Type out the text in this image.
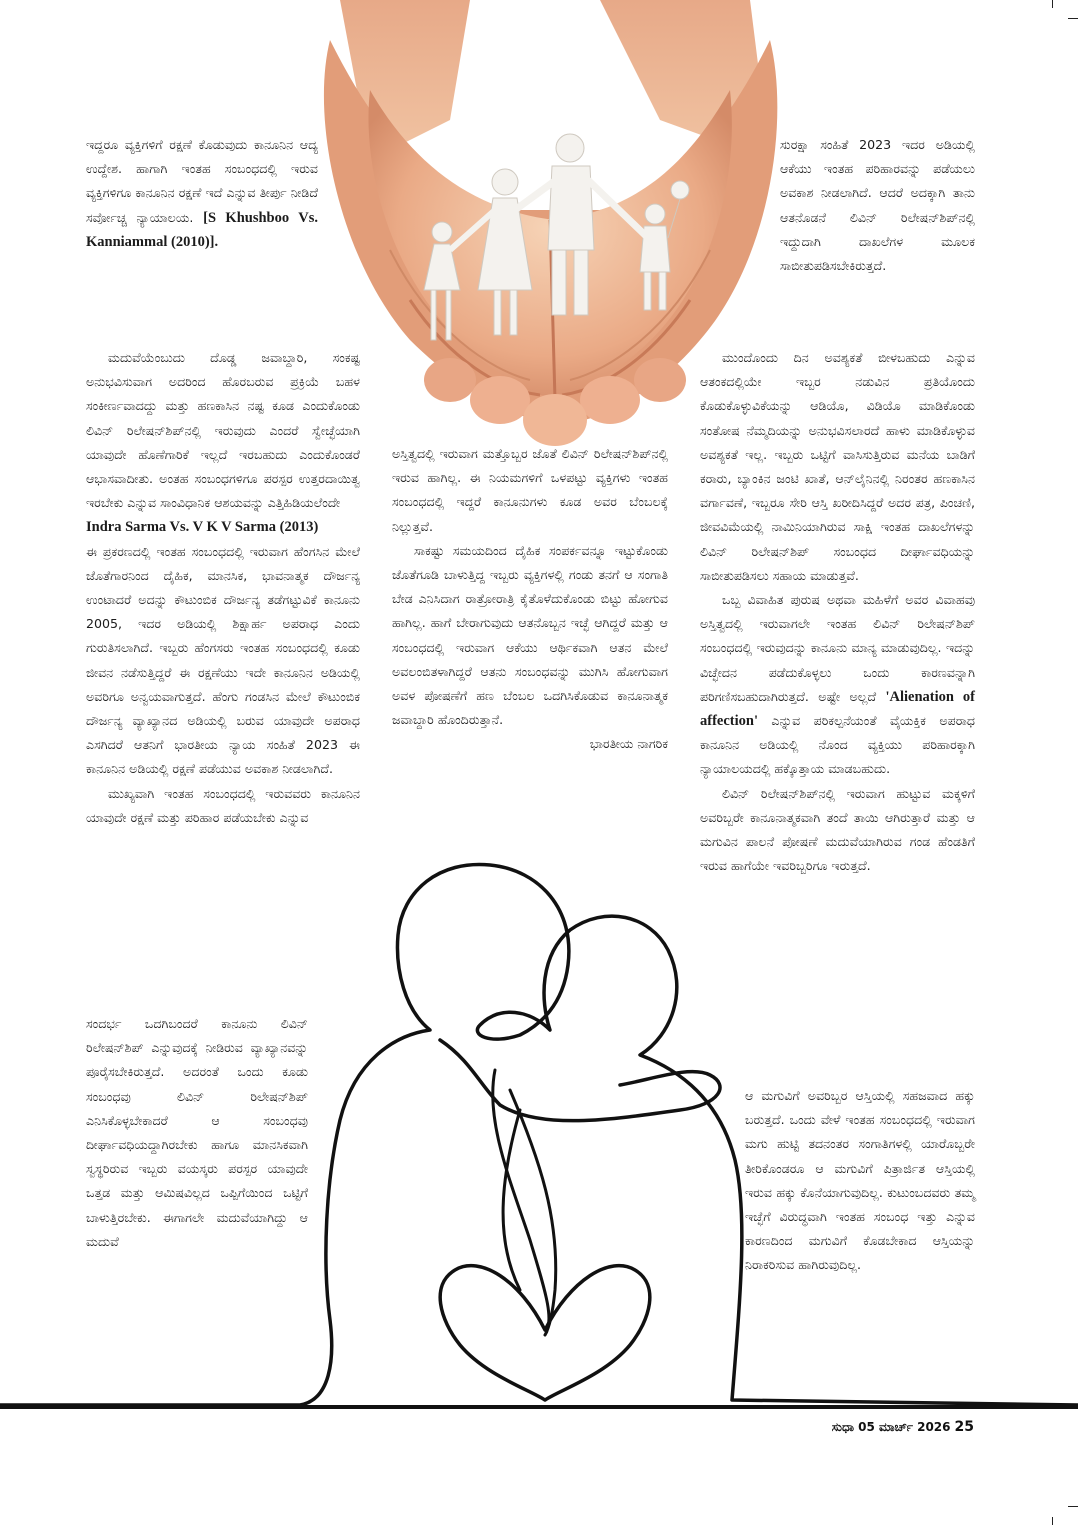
ಇದ್ದರೂ ವ್ಯಕ್ತಿಗಳಿಗೆ ರಕ್ಷಣೆ ಕೊಡುವುದು ಕಾನೂನಿನ ಆದ್ಯ ಉದ್ದೇಶ. ಹಾಗಾಗಿ ಇಂತಹ ಸಂಬಂಧದಲ್ಲಿ ಇರುವ ವ್ಯಕ್ತಿಗಳಿಗೂ ಕಾನೂನಿನ ರಕ್ಷಣೆ ಇದೆ ಎನ್ನುವ ತೀರ್ಪು ನೀಡಿದೆ ಸರ್ವೋಚ್ಚ ನ್ಯಾಯಾಲಯ. [S Khushboo Vs. Kanniammal (2010)].

ಮದುವೆಯೆಂಬುದು ದೊಡ್ಡ ಜವಾಬ್ದಾರಿ, ಸಂಕಷ್ಟ ಅನುಭವಿಸುವಾಗ ಅದರಿಂದ ಹೊರಬರುವ ಪ್ರಕ್ರಿಯೆ ಬಹಳ ಸಂಕೀರ್ಣವಾದದ್ದು ಮತ್ತು ಹಣಕಾಸಿನ ನಷ್ಟ ಕೂಡ ಎಂದುಕೊಂಡು ಲಿವಿನ್ ರಿಲೇಷನ್‌ಶಿಪ್‌ನಲ್ಲಿ ಇರುವುದು ಎಂದರೆ ಸ್ವೇಚ್ಛೆಯಾಗಿ ಯಾವುದೇ ಹೊಣೆಗಾರಿಕೆ ಇಲ್ಲದೆ ಇರಬಹುದು ಎಂದುಕೊಂಡರೆ ಆಭಾಸವಾದೀತು. ಅಂತಹ ಸಂಬಂಧಗಳಿಗೂ ಪರಸ್ಪರ ಉತ್ತರದಾಯಿತ್ವ ಇರಬೇಕು ಎನ್ನುವ ಸಾಂವಿಧಾನಿಕ ಆಶಯವನ್ನು ಎತ್ತಿಹಿಡಿಯಲೆಂದೇ

Indra Sarma Vs. V K V Sarma (2013)

ಈ ಪ್ರಕರಣದಲ್ಲಿ ಇಂತಹ ಸಂಬಂಧದಲ್ಲಿ ಇರುವಾಗ ಹೆಂಗಸಿನ ಮೇಲೆ ಜೊತೆಗಾರನಿಂದ ದೈಹಿಕ, ಮಾನಸಿಕ, ಭಾವನಾತ್ಮಕ ದೌರ್ಜನ್ಯ ಉಂಟಾದರೆ ಅದನ್ನು ಕೌಟುಂಬಿಕ ದೌರ್ಜನ್ಯ ತಡೆಗಟ್ಟುವಿಕೆ ಕಾನೂನು 2005, ಇದರ ಅಡಿಯಲ್ಲಿ ಶಿಕ್ಷಾರ್ಹ ಅಪರಾಧ ಎಂದು ಗುರುತಿಸಲಾಗಿದೆ. ಇಬ್ಬರು ಹೆಂಗಸರು ಇಂತಹ ಸಂಬಂಧದಲ್ಲಿ ಕೂಡು ಜೀವನ ನಡೆಸುತ್ತಿದ್ದರೆ ಈ ರಕ್ಷಣೆಯು ಇದೇ ಕಾನೂನಿನ ಅಡಿಯಲ್ಲಿ ಅವರಿಗೂ ಅನ್ವಯವಾಗುತ್ತದೆ. ಹೆಂಗು ಗಂಡಸಿನ ಮೇಲೆ ಕೌಟುಂಬಿಕ ದೌರ್ಜನ್ಯ ವ್ಯಾಖ್ಯಾನದ ಅಡಿಯಲ್ಲಿ ಬರುವ ಯಾವುದೇ ಅಪರಾಧ ಎಸಗಿದರೆ ಆತನಿಗೆ ಭಾರತೀಯ ನ್ಯಾಯ ಸಂಹಿತೆ 2023 ಈ ಕಾನೂನಿನ ಅಡಿಯಲ್ಲಿ ರಕ್ಷಣೆ ಪಡೆಯುವ ಅವಕಾಶ ನೀಡಲಾಗಿದೆ.

ಮುಖ್ಯವಾಗಿ ಇಂತಹ ಸಂಬಂಧದಲ್ಲಿ ಇರುವವರು ಕಾನೂನಿನ ಯಾವುದೇ ರಕ್ಷಣೆ ಮತ್ತು ಪರಿಹಾರ ಪಡೆಯಬೇಕು ಎನ್ನುವ

ಸಂದರ್ಭ ಒದಗಿಬಂದರೆ ಕಾನೂನು ಲಿವಿನ್ ರಿಲೇಷನ್‌ಶಿಪ್ ಎನ್ನುವುದಕ್ಕೆ ನೀಡಿರುವ ವ್ಯಾಖ್ಯಾನವನ್ನು ಪೂರೈಸಬೇಕಿರುತ್ತದೆ. ಅದರಂತೆ ಒಂದು ಕೂಡು ಸಂಬಂಧವು ಲಿವಿನ್ ರಿಲೇಷನ್‌ಶಿಪ್ ಎನಿಸಿಕೊಳ್ಳಬೇಕಾದರೆ ಆ ಸಂಬಂಧವು ದೀರ್ಘಾವಧಿಯದ್ದಾಗಿರಬೇಕು ಹಾಗೂ ಮಾನಸಿಕವಾಗಿ ಸ್ವಸ್ಥರಿರುವ ಇಬ್ಬರು ವಯಸ್ಕರು ಪರಸ್ಪರ ಯಾವುದೇ ಒತ್ತಡ ಮತ್ತು ಆಮಿಷವಿಲ್ಲದ ಒಪ್ಪಿಗೆಯಿಂದ ಒಟ್ಟಿಗೆ ಬಾಳುತ್ತಿರಬೇಕು. ಈಗಾಗಲೇ ಮದುವೆಯಾಗಿದ್ದು ಆ ಮದುವೆ

ಅಸ್ತಿತ್ವದಲ್ಲಿ ಇರುವಾಗ ಮತ್ತೊಬ್ಬರ ಜೊತೆ ಲಿವಿನ್ ರಿಲೇಷನ್‌ಶಿಪ್‌ನಲ್ಲಿ ಇರುವ ಹಾಗಿಲ್ಲ. ಈ ನಿಯಮಗಳಿಗೆ ಒಳಪಟ್ಟು ವ್ಯಕ್ತಿಗಳು ಇಂತಹ ಸಂಬಂಧದಲ್ಲಿ ಇದ್ದರೆ ಕಾನೂನುಗಳು ಕೂಡ ಅವರ ಬೆಂಬಲಕ್ಕೆ ನಿಲ್ಲುತ್ತವೆ.

ಸಾಕಷ್ಟು ಸಮಯದಿಂದ ದೈಹಿಕ ಸಂಪರ್ಕವನ್ನೂ ಇಟ್ಟುಕೊಂಡು ಜೊತೆಗೂಡಿ ಬಾಳುತ್ತಿದ್ದ ಇಬ್ಬರು ವ್ಯಕ್ತಿಗಳಲ್ಲಿ ಗಂಡು ತನಗೆ ಆ ಸಂಗಾತಿ ಬೇಡ ಎನಿಸಿದಾಗ ರಾತ್ರೋರಾತ್ರಿ ಕೈತೊಳೆದುಕೊಂಡು ಬಿಟ್ಟು ಹೋಗುವ ಹಾಗಿಲ್ಲ. ಹಾಗೆ ಬೇರಾಗುವುದು ಆತನೊಬ್ಬನ ಇಚ್ಛೆ ಆಗಿದ್ದರೆ ಮತ್ತು ಆ ಸಂಬಂಧದಲ್ಲಿ ಇರುವಾಗ ಆಕೆಯು ಆರ್ಥಿಕವಾಗಿ ಆತನ ಮೇಲೆ ಅವಲಂಬಿತಳಾಗಿದ್ದರೆ ಆತನು ಸಂಬಂಧವನ್ನು ಮುಗಿಸಿ ಹೋಗುವಾಗ ಅವಳ ಪೋಷಣೆಗೆ ಹಣ ಬೆಂಬಲ ಒದಗಿಸಿಕೊಡುವ ಕಾನೂನಾತ್ಮಕ ಜವಾಬ್ದಾರಿ ಹೊಂದಿರುತ್ತಾನೆ.

ಭಾರತೀಯ ನಾಗರಿಕ

ಸುರಕ್ಷಾ ಸಂಹಿತೆ 2023 ಇದರ ಅಡಿಯಲ್ಲಿ ಆಕೆಯು ಇಂತಹ ಪರಿಹಾರವನ್ನು ಪಡೆಯಲು ಅವಕಾಶ ನೀಡಲಾಗಿದೆ. ಆದರೆ ಅದಕ್ಕಾಗಿ ತಾನು ಆತನೊಡನೆ ಲಿವಿನ್ ರಿಲೇಷನ್‌ಶಿಪ್‌ನಲ್ಲಿ ಇದ್ದುದಾಗಿ ದಾಖಲೆಗಳ ಮೂಲಕ ಸಾಬೀತುಪಡಿಸಬೇಕಿರುತ್ತದೆ.

ಮುಂದೊಂದು ದಿನ ಅವಶ್ಯಕತೆ ಬೀಳಬಹುದು ಎನ್ನುವ ಆತಂಕದಲ್ಲಿಯೇ ಇಬ್ಬರ ನಡುವಿನ ಪ್ರತಿಯೊಂದು ಕೊಡುಕೊಳ್ಳುವಿಕೆಯನ್ನು ಆಡಿಯೊ, ವಿಡಿಯೊ ಮಾಡಿಕೊಂಡು ಸಂತೋಷ ನೆಮ್ಮದಿಯನ್ನು ಅನುಭವಿಸಲಾರದೆ ಹಾಳು ಮಾಡಿಕೊಳ್ಳುವ ಅವಶ್ಯಕತೆ ಇಲ್ಲ. ಇಬ್ಬರು ಒಟ್ಟಿಗೆ ವಾಸಿಸುತ್ತಿರುವ ಮನೆಯ ಬಾಡಿಗೆ ಕರಾರು, ಬ್ಯಾಂಕಿನ ಜಂಟಿ ಖಾತೆ, ಆನ್‌ಲೈನಿನಲ್ಲಿ ನಿರಂತರ ಹಣಕಾಸಿನ ವರ್ಗಾವಣೆ, ಇಬ್ಬರೂ ಸೇರಿ ಆಸ್ತಿ ಖರೀದಿಸಿದ್ದರೆ ಅದರ ಪತ್ರ, ಪಿಂಚಣಿ, ಜೀವವಿಮೆಯಲ್ಲಿ ನಾಮಿನಿಯಾಗಿರುವ ಸಾಕ್ಷಿ ಇಂತಹ ದಾಖಲೆಗಳನ್ನು ಲಿವಿನ್ ರಿಲೇಷನ್‌ಶಿಪ್ ಸಂಬಂಧದ ದೀರ್ಘಾವಧಿಯನ್ನು ಸಾಬೀತುಪಡಿಸಲು ಸಹಾಯ ಮಾಡುತ್ತವೆ.

ಒಬ್ಬ ವಿವಾಹಿತ ಪುರುಷ ಅಥವಾ ಮಹಿಳೆಗೆ ಅವರ ವಿವಾಹವು ಅಸ್ತಿತ್ವದಲ್ಲಿ ಇರುವಾಗಲೇ ಇಂತಹ ಲಿವಿನ್ ರಿಲೇಷನ್‌ಶಿಪ್ ಸಂಬಂಧದಲ್ಲಿ ಇರುವುದನ್ನು ಕಾನೂನು ಮಾನ್ಯ ಮಾಡುವುದಿಲ್ಲ. ಇದನ್ನು ವಿಚ್ಛೇದನ ಪಡೆದುಕೊಳ್ಳಲು ಒಂದು ಕಾರಣವನ್ನಾಗಿ ಪರಿಗಣಿಸಬಹುದಾಗಿರುತ್ತದೆ. ಅಷ್ಟೇ ಅಲ್ಲದೆ 'Alienation of affection' ಎನ್ನುವ ಪರಿಕಲ್ಪನೆಯಂತೆ ವೈಯಕ್ತಿಕ ಅಪರಾಧ ಕಾನೂನಿನ ಅಡಿಯಲ್ಲಿ ನೊಂದ ವ್ಯಕ್ತಿಯು ಪರಿಹಾರಕ್ಕಾಗಿ ನ್ಯಾಯಾಲಯದಲ್ಲಿ ಹಕ್ಕೊತ್ತಾಯ ಮಾಡಬಹುದು.

ಲಿವಿನ್ ರಿಲೇಷನ್‌ಶಿಪ್‌ನಲ್ಲಿ ಇರುವಾಗ ಹುಟ್ಟುವ ಮಕ್ಕಳಿಗೆ ಅವರಿಬ್ಬರೇ ಕಾನೂನಾತ್ಮಕವಾಗಿ ತಂದೆ ತಾಯಿ ಆಗಿರುತ್ತಾರೆ ಮತ್ತು ಆ ಮಗುವಿನ ಪಾಲನೆ ಪೋಷಣೆ ಮದುವೆಯಾಗಿರುವ ಗಂಡ ಹೆಂಡತಿಗೆ ಇರುವ ಹಾಗೆಯೇ ಇವರಿಬ್ಬರಿಗೂ ಇರುತ್ತದೆ.

ಆ ಮಗುವಿಗೆ ಅವರಿಬ್ಬರ ಆಸ್ತಿಯಲ್ಲಿ ಸಹಜವಾದ ಹಕ್ಕು ಬರುತ್ತದೆ. ಒಂದು ವೇಳೆ ಇಂತಹ ಸಂಬಂಧದಲ್ಲಿ ಇರುವಾಗ ಮಗು ಹುಟ್ಟಿ ತದನಂತರ ಸಂಗಾತಿಗಳಲ್ಲಿ ಯಾರೊಬ್ಬರೇ ತೀರಿಕೊಂಡರೂ ಆ ಮಗುವಿಗೆ ಪಿತ್ರಾರ್ಜಿತ ಆಸ್ತಿಯಲ್ಲಿ ಇರುವ ಹಕ್ಕು ಕೊನೆಯಾಗುವುದಿಲ್ಲ. ಕುಟುಂಬದವರು ತಮ್ಮ ಇಚ್ಛೆಗೆ ವಿರುದ್ಧವಾಗಿ ಇಂತಹ ಸಂಬಂಧ ಇತ್ತು ಎನ್ನುವ ಕಾರಣದಿಂದ ಮಗುವಿಗೆ ಕೊಡಬೇಕಾದ ಆಸ್ತಿಯನ್ನು ನಿರಾಕರಿಸುವ ಹಾಗಿರುವುದಿಲ್ಲ.

ಸುಧಾ 05 ಮಾರ್ಚ್ 2026 25
